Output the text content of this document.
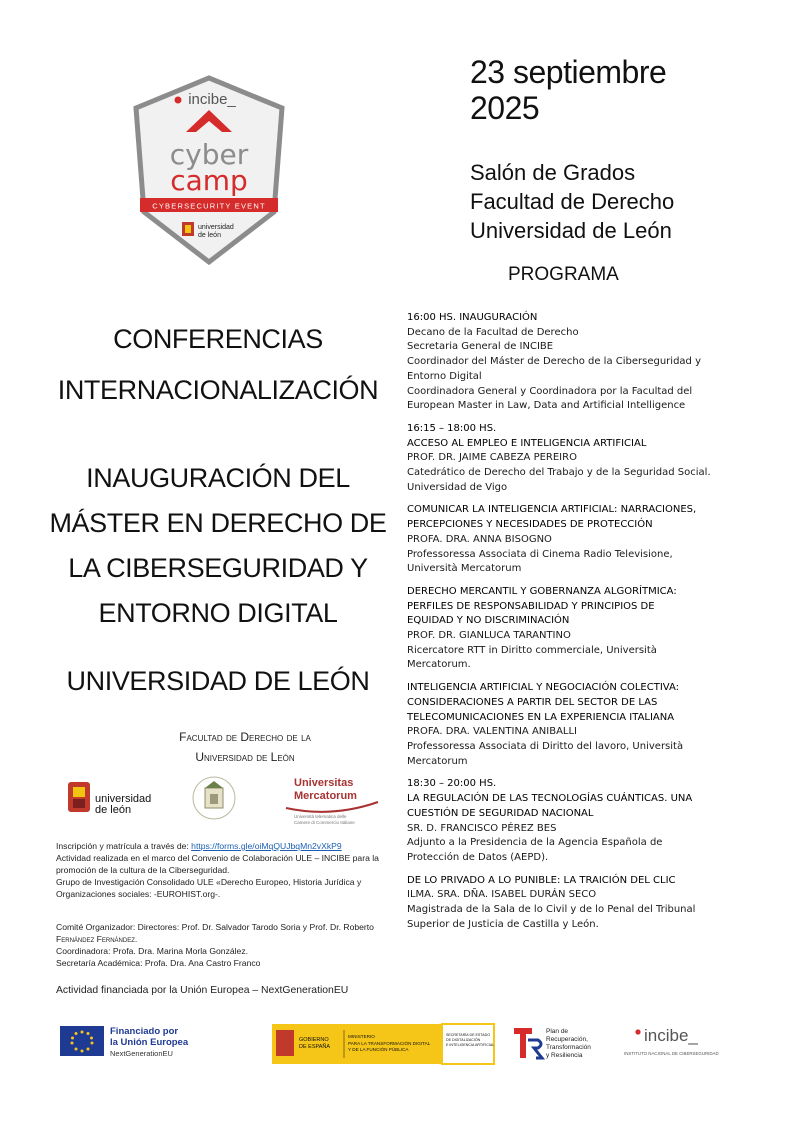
incibe_
cyber
camp
CYBERSECURITY EVENT
universidad
de león
23 septiembre
2025
Salón de Grados
Facultad de Derecho
Universidad de León
PROGRAMA
CONFERENCIAS
INTERNACIONALIZACIÓN
INAUGURACIÓN DEL
MÁSTER EN DERECHO DE
LA CIBERSEGURIDAD Y
ENTORNO DIGITAL
UNIVERSIDAD DE LEÓN
Facultad de Derecho de la
Universidad de León
universidad
de león
Universitas
Mercatorum
Università telematica delle
Camere di Commercio Italiane
Inscripción y matrícula a través de: https://forms.gle/oiMqQUJbqMn2vXkP9
Actividad realizada en el marco del Convenio de Colaboración ULE – INCIBE para la
promoción de la cultura de la Ciberseguridad.
Grupo de Investigación Consolidado ULE «Derecho Europeo, Historia Jurídica y
Organizaciones sociales: -EUROHIST.org-.
Comité Organizador: Directores: Prof. Dr. Salvador Tarodo Soria y Prof. Dr. Roberto
Fernández Fernández.
Coordinadora: Profa. Dra. Marina Morla González.
Secretaría Académica: Profa. Dra. Ana Castro Franco
Actividad financiada por la Unión Europea – NextGenerationEU
16:00 HS. INAUGURACIÓN
Decano de la Facultad de Derecho
Secretaria General de INCIBE
Coordinador del Máster de Derecho de la Ciberseguridad y
Entorno Digital
Coordinadora General y Coordinadora por la Facultad del
European Master in Law, Data and Artificial Intelligence
16:15 – 18:00 HS.
ACCESO AL EMPLEO E INTELIGENCIA ARTIFICIAL
PROF. DR. JAIME CABEZA PEREIRO
Catedrático de Derecho del Trabajo y de la Seguridad Social.
Universidad de Vigo
COMUNICAR LA INTELIGENCIA ARTIFICIAL: NARRACIONES,
PERCEPCIONES Y NECESIDADES DE PROTECCIÓN
PROFA. DRA. ANNA BISOGNO
Professoressa Associata di Cinema Radio Televisione,
Università Mercatorum
DERECHO MERCANTIL Y GOBERNANZA ALGORÍTMICA:
PERFILES DE RESPONSABILIDAD Y PRINCIPIOS DE
EQUIDAD Y NO DISCRIMINACIÓN
PROF. DR. GIANLUCA TARANTINO
Ricercatore RTT in Diritto commerciale, Università
Mercatorum.
INTELIGENCIA ARTIFICIAL Y NEGOCIACIÓN COLECTIVA:
CONSIDERACIONES A PARTIR DEL SECTOR DE LAS
TELECOMUNICACIONES EN LA EXPERIENCIA ITALIANA
PROFA. DRA. VALENTINA ANIBALLI
Professoressa Associata di Diritto del lavoro, Università
Mercatorum
18:30 – 20:00 HS.
LA REGULACIÓN DE LAS TECNOLOGÍAS CUÁNTICAS. UNA
CUESTIÓN DE SEGURIDAD NACIONAL
SR. D. FRANCISCO PÉREZ BES
Adjunto a la Presidencia de la Agencia Española de
Protección de Datos (AEPD).
DE LO PRIVADO A LO PUNIBLE: LA TRAICIÓN DEL CLIC
ILMA. SRA. DÑA. ISABEL DURÁN SECO
Magistrada de la Sala de lo Civil y de lo Penal del Tribunal
Superior de Justicia de Castilla y León.
Financiado por
la Unión Europea
NextGenerationEU
GOBIERNO
DE ESPAÑA
MINISTERIO
PARA LA TRANSFORMACIÓN DIGITAL
Y DE LA FUNCIÓN PÚBLICA
SECRETARÍA DE ESTADO
DE DIGITALIZACIÓN
E INTELIGENCIA ARTIFICIAL
Plan de
Recuperación,
Transformación
y Resiliencia
incibe_
INSTITUTO NACIONAL DE CIBERSEGURIDAD
